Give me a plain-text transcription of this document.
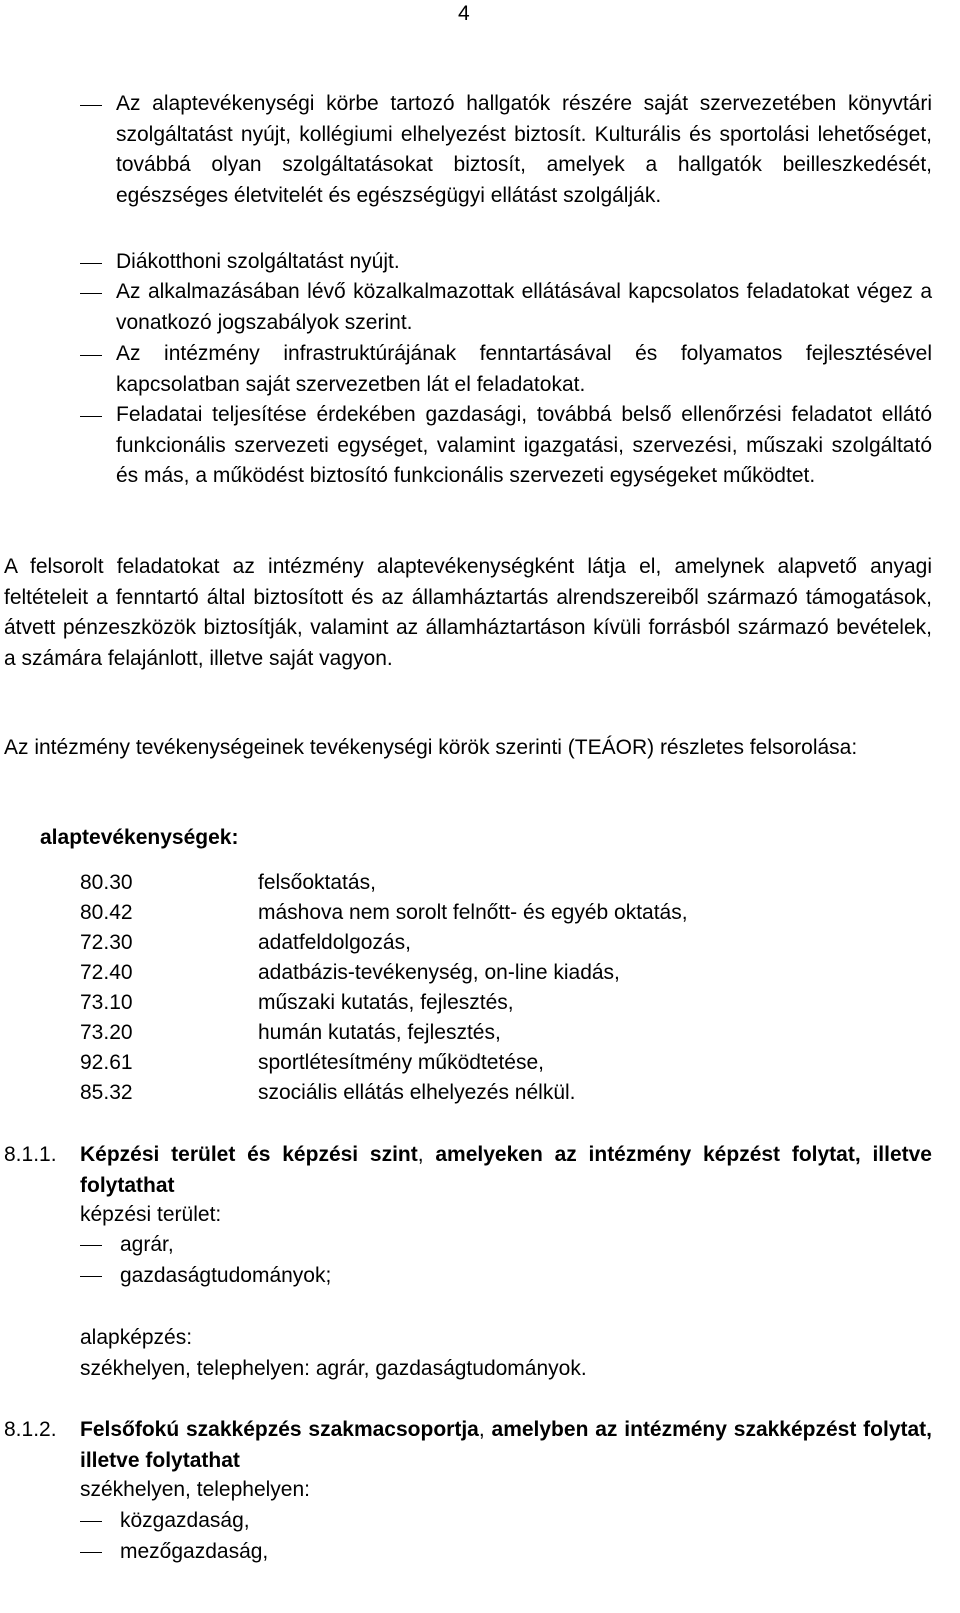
4
Az alaptevékenységi körbe tartozó hallgatók részére saját szervezetében könyvtári szolgáltatást nyújt, kollégiumi elhelyezést biztosít. Kulturális és sportolási lehetőséget, továbbá olyan szolgáltatásokat biztosít, amelyek a hallgatók beilleszkedését, egészséges életvitelét és egészségügyi ellátást szolgálják.
Diákotthoni szolgáltatást nyújt.
Az alkalmazásában lévő közalkalmazottak ellátásával kapcsolatos feladatokat végez a vonatkozó jogszabályok szerint.
Az intézmény infrastruktúrájának fenntartásával és folyamatos fejlesztésével kapcsolatban saját szervezetben lát el feladatokat.
Feladatai teljesítése érdekében gazdasági, továbbá belső ellenőrzési feladatot ellátó funkcionális szervezeti egységet, valamint igazgatási, szervezési, műszaki szolgáltató és más, a működést biztosító funkcionális szervezeti egységeket működtet.
A felsorolt feladatokat az intézmény alaptevékenységként látja el, amelynek alapvető anyagi feltételeit a fenntartó által biztosított és az államháztartás alrendszereiből származó támogatások, átvett pénzeszközök biztosítják, valamint az államháztartáson kívüli forrásból származó bevételek, a számára felajánlott, illetve saját vagyon.
Az intézmény tevékenységeinek tevékenységi körök szerinti (TEÁOR) részletes felsorolása:
alaptevékenységek:
80.30	felsőoktatás,
80.42	máshova nem sorolt felnőtt- és egyéb oktatás,
72.30	adatfeldolgozás,
72.40	adatbázis-tevékenység, on-line kiadás,
73.10	műszaki kutatás, fejlesztés,
73.20	humán kutatás, fejlesztés,
92.61	sportlétesítmény működtetése,
85.32	szociális ellátás elhelyezés nélkül.
8.1.1. Képzési terület és képzési szint, amelyeken az intézmény képzést folytat, illetve folytathat
képzési terület:
agrár,
gazdaságtudományok;
alapképzés:
székhelyen, telephelyen: agrár, gazdaságtudományok.
8.1.2. Felsőfokú szakképzés szakmacsoportja, amelyben az intézmény szakképzést folytat, illetve folytathat
székhelyen, telephelyen:
közgazdaság,
mezőgazdaság,
